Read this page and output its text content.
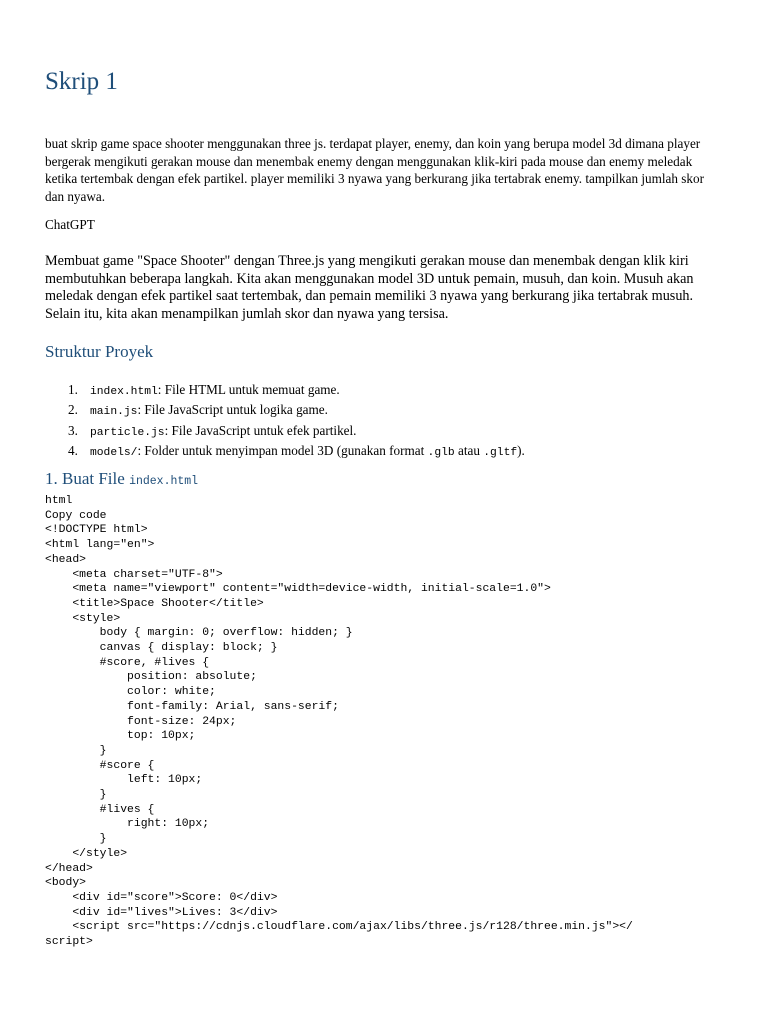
Skrip 1

buat skrip game space shooter menggunakan three js. terdapat player, enemy, dan koin yang berupa model 3d dimana player bergerak mengikuti gerakan mouse dan menembak enemy dengan menggunakan klik-kiri pada mouse dan enemy meledak ketika tertembak dengan efek partikel. player memiliki 3 nyawa yang berkurang jika tertabrak enemy. tampilkan jumlah skor dan nyawa.

ChatGPT

Membuat game "Space Shooter" dengan Three.js yang mengikuti gerakan mouse dan menembak dengan klik kiri membutuhkan beberapa langkah. Kita akan menggunakan model 3D untuk pemain, musuh, dan koin. Musuh akan meledak dengan efek partikel saat tertembak, dan pemain memiliki 3 nyawa yang berkurang jika tertabrak musuh. Selain itu, kita akan menampilkan jumlah skor dan nyawa yang tersisa.

Struktur Proyek
1. index.html: File HTML untuk memuat game.
2. main.js: File JavaScript untuk logika game.
3. particle.js: File JavaScript untuk efek partikel.
4. models/: Folder untuk menyimpan model 3D (gunakan format .glb atau .gltf).
1. Buat File index.html
html
Copy code
<!DOCTYPE html>
<html lang="en">
<head>
<meta charset="UTF-8">
<meta name="viewport" content="width=device-width, initial-scale=1.0">
<title>Space Shooter</title>
<style>
body { margin: 0; overflow: hidden; }
canvas { display: block; }
#score, #lives {
position: absolute;
color: white;
font-family: Arial, sans-serif;
font-size: 24px;
top: 10px;
}
#score {
left: 10px;
}
#lives {
right: 10px;
}
</style>
</head>
<body>
<div id="score">Score: 0</div>
<div id="lives">Lives: 3</div>
<script src="https://cdnjs.cloudflare.com/ajax/libs/three.js/r128/three.min.js"></
script>
